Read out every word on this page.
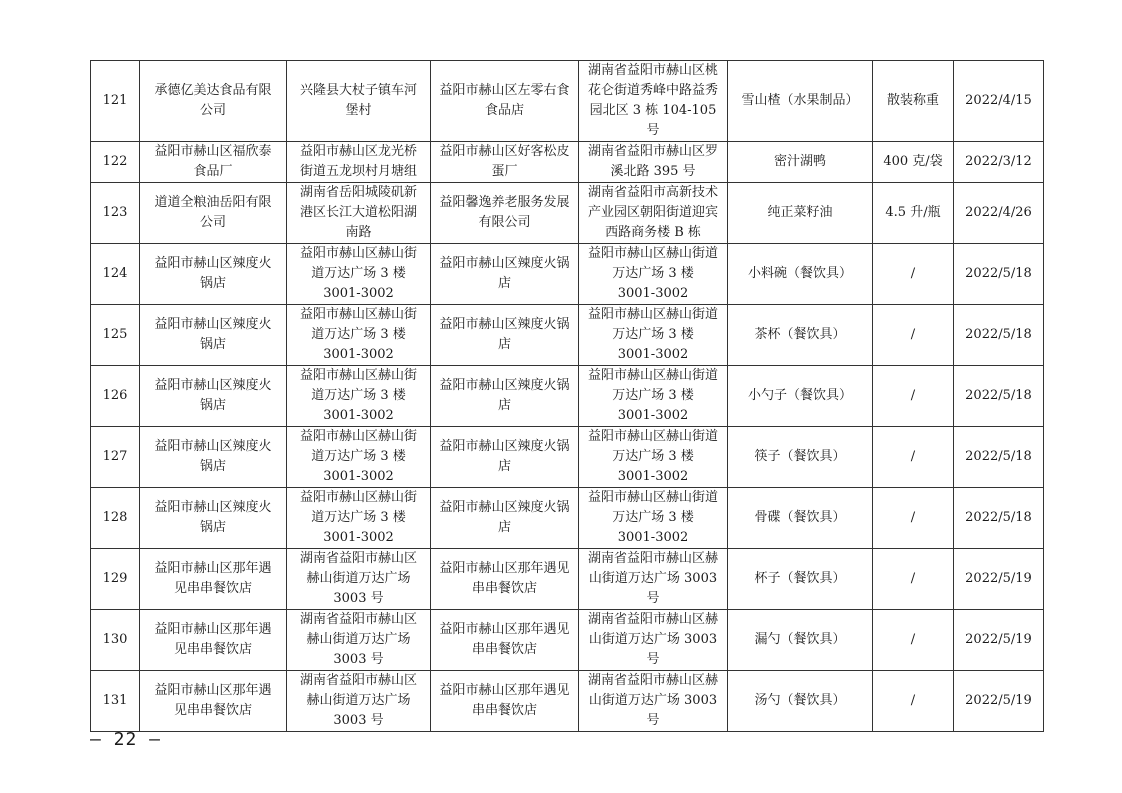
121	承德亿美达食品有限
公司	兴隆县大杖子镇车河
堡村	益阳市赫山区左零右食
食品店	湖南省益阳市赫山区桃
花仑街道秀峰中路益秀
园北区 3 栋 104-105 号	雪山楂（水果制品）	散装称重	2022/4/15
122	益阳市赫山区福欣泰
食品厂	益阳市赫山区龙光桥
街道五龙坝村月塘组	益阳市赫山区好客松皮
蛋厂	湖南省益阳市赫山区罗
溪北路 395 号	密汁湖鸭	400 克/袋	2022/3/12
123	道道全粮油岳阳有限
公司	湖南省岳阳城陵矶新
港区长江大道松阳湖
南路	益阳馨逸养老服务发展
有限公司	湖南省益阳市高新技术
产业园区朝阳街道迎宾
西路商务楼 B 栋	纯正菜籽油	4.5 升/瓶	2022/4/26
124	益阳市赫山区辣度火
锅店	益阳市赫山区赫山街
道万达广场 3 楼
3001-3002	益阳市赫山区辣度火锅
店	益阳市赫山区赫山街道
万达广场 3 楼
3001-3002	小料碗（餐饮具）	/	2022/5/18
125	益阳市赫山区辣度火
锅店	益阳市赫山区赫山街
道万达广场 3 楼
3001-3002	益阳市赫山区辣度火锅
店	益阳市赫山区赫山街道
万达广场 3 楼
3001-3002	茶杯（餐饮具）	/	2022/5/18
126	益阳市赫山区辣度火
锅店	益阳市赫山区赫山街
道万达广场 3 楼
3001-3002	益阳市赫山区辣度火锅
店	益阳市赫山区赫山街道
万达广场 3 楼
3001-3002	小勺子（餐饮具）	/	2022/5/18
127	益阳市赫山区辣度火
锅店	益阳市赫山区赫山街
道万达广场 3 楼
3001-3002	益阳市赫山区辣度火锅
店	益阳市赫山区赫山街道
万达广场 3 楼
3001-3002	筷子（餐饮具）	/	2022/5/18
128	益阳市赫山区辣度火
锅店	益阳市赫山区赫山街
道万达广场 3 楼
3001-3002	益阳市赫山区辣度火锅
店	益阳市赫山区赫山街道
万达广场 3 楼
3001-3002	骨碟（餐饮具）	/	2022/5/18
129	益阳市赫山区那年遇
见串串餐饮店	湖南省益阳市赫山区
赫山街道万达广场
3003 号	益阳市赫山区那年遇见
串串餐饮店	湖南省益阳市赫山区赫
山街道万达广场 3003
号	杯子（餐饮具）	/	2022/5/19
130	益阳市赫山区那年遇
见串串餐饮店	湖南省益阳市赫山区
赫山街道万达广场
3003 号	益阳市赫山区那年遇见
串串餐饮店	湖南省益阳市赫山区赫
山街道万达广场 3003
号	漏勺（餐饮具）	/	2022/5/19
131	益阳市赫山区那年遇
见串串餐饮店	湖南省益阳市赫山区
赫山街道万达广场
3003 号	益阳市赫山区那年遇见
串串餐饮店	湖南省益阳市赫山区赫
山街道万达广场 3003
号	汤勺（餐饮具）	/	2022/5/19
– 22 –
